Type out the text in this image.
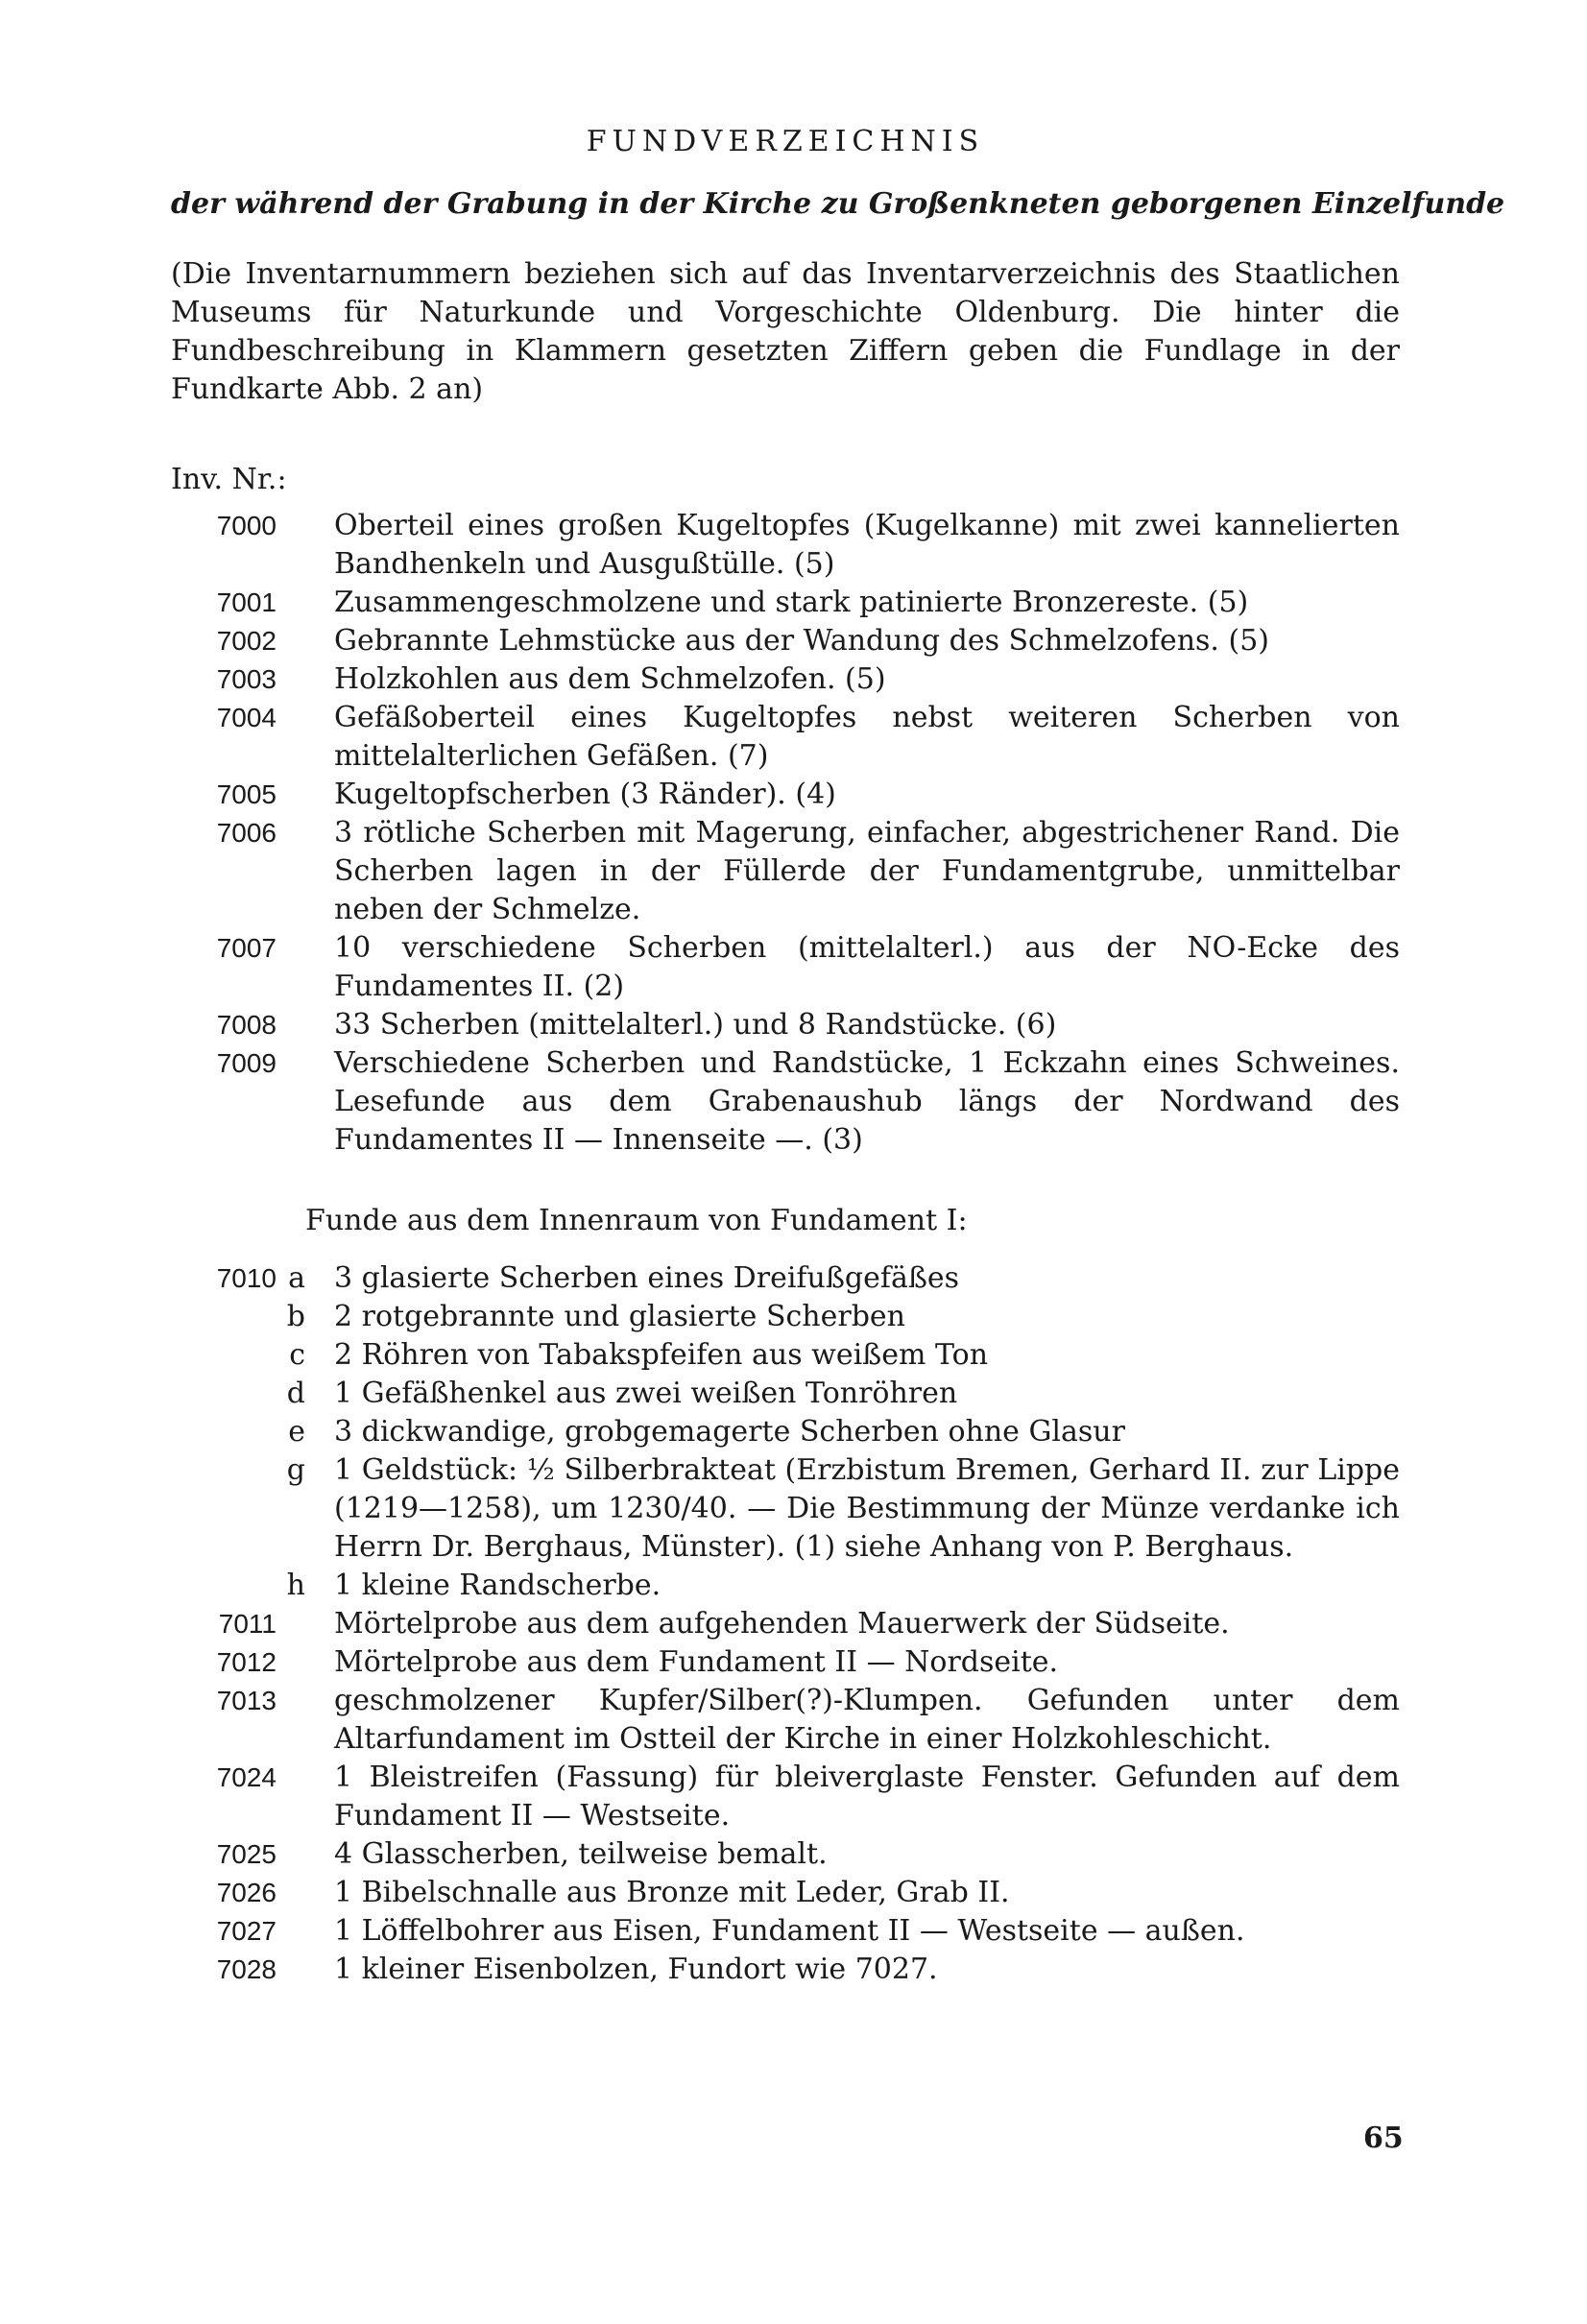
FUNDVERZEICHNIS
der während der Grabung in der Kirche zu Großenkneten geborgenen Einzelfunde
(Die Inventarnummern beziehen sich auf das Inventarverzeichnis des Staatlichen Museums für Naturkunde und Vorgeschichte Oldenburg. Die hinter die Fundbeschreibung in Klammern gesetzten Ziffern geben die Fundlage in der Fundkarte Abb. 2 an)
Inv. Nr.:
7000	Oberteil eines großen Kugeltopfes (Kugelkanne) mit zwei kannelierten Bandhenkeln und Ausgußtülle. (5)
7001	Zusammengeschmolzene und stark patinierte Bronzereste. (5)
7002	Gebrannte Lehmstücke aus der Wandung des Schmelzofens. (5)
7003	Holzkohlen aus dem Schmelzofen. (5)
7004	Gefäßoberteil eines Kugeltopfes nebst weiteren Scherben von mittelalterlichen Gefäßen. (7)
7005	Kugeltopfscherben (3 Ränder). (4)
7006	3 rötliche Scherben mit Magerung, einfacher, abgestrichener Rand. Die Scherben lagen in der Füllerde der Fundamentgrube, unmittelbar neben der Schmelze.
7007	10 verschiedene Scherben (mittelalterl.) aus der NO-Ecke des Fundamentes II. (2)
7008	33 Scherben (mittelalterl.) und 8 Randstücke. (6)
7009	Verschiedene Scherben und Randstücke, 1 Eckzahn eines Schweines. Lesefunde aus dem Grabenaushub längs der Nordwand des Fundamentes II — Innenseite —. (3)
Funde aus dem Innenraum von Fundament I:
7010 a	3 glasierte Scherben eines Dreifußgefäßes
b	2 rotgebrannte und glasierte Scherben
c	2 Röhren von Tabakspfeifen aus weißem Ton
d	1 Gefäßhenkel aus zwei weißen Tonröhren
e	3 dickwandige, grobgemagerte Scherben ohne Glasur
g	1 Geldstück: ½ Silberbrakteat (Erzbistum Bremen, Gerhard II. zur Lippe (1219—1258), um 1230/40. — Die Bestimmung der Münze verdanke ich Herrn Dr. Berghaus, Münster). (1) siehe Anhang von P. Berghaus.
h	1 kleine Randscherbe.
7011	Mörtelprobe aus dem aufgehenden Mauerwerk der Südseite.
7012	Mörtelprobe aus dem Fundament II — Nordseite.
7013	geschmolzener Kupfer/Silber(?)-Klumpen. Gefunden unter dem Altarfundament im Ostteil der Kirche in einer Holzkohleschicht.
7024	1 Bleistreifen (Fassung) für bleiverglaste Fenster. Gefunden auf dem Fundament II — Westseite.
7025	4 Glasscherben, teilweise bemalt.
7026	1 Bibelschnalle aus Bronze mit Leder, Grab II.
7027	1 Löffelbohrer aus Eisen, Fundament II — Westseite — außen.
7028	1 kleiner Eisenbolzen, Fundort wie 7027.
65
